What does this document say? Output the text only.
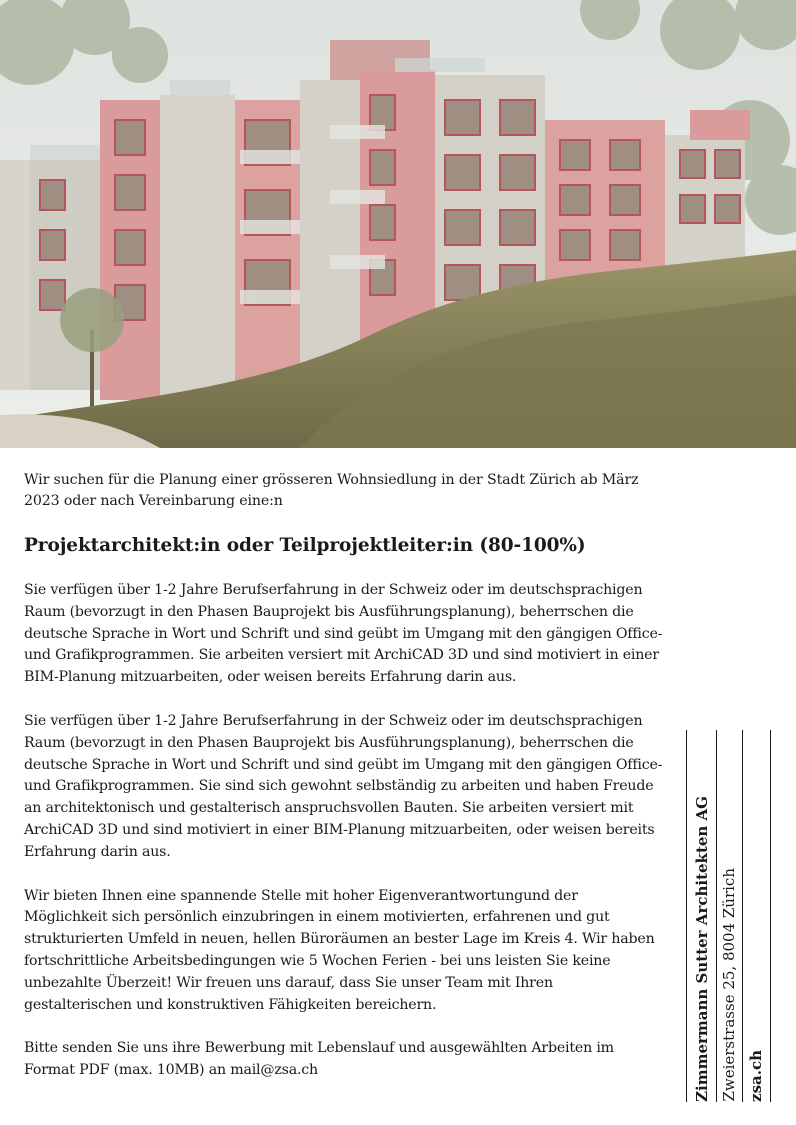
Wir suchen für die Planung einer grösseren Wohnsiedlung in der Stadt Zürich ab März 2023 oder nach Vereinbarung eine:n

Projektarchitekt:in oder Teilprojektleiter:in (80-100%)

Sie verfügen über 1-2 Jahre Berufserfahrung in der Schweiz oder im deutschsprachigen Raum (bevorzugt in den Phasen Bauprojekt bis Ausführungsplanung), beherrschen die deutsche Sprache in Wort und Schrift und sind geübt im Umgang mit den gängigen Office- und Grafikprogrammen. Sie arbeiten versiert mit ArchiCAD 3D und sind motiviert in einer BIM-Planung mitzuarbeiten, oder weisen bereits Erfahrung darin aus.

Sie verfügen über 1-2 Jahre Berufserfahrung in der Schweiz oder im deutschsprachigen Raum (bevorzugt in den Phasen Bauprojekt bis Ausführungsplanung), beherrschen die deutsche Sprache in Wort und Schrift und sind geübt im Umgang mit den gängigen Office- und Grafikprogrammen. Sie sind sich gewohnt selbständig zu arbeiten und haben Freude an architektonisch und gestalterisch anspruchsvollen Bauten. Sie arbeiten versiert mit ArchiCAD 3D und sind motiviert in einer BIM-Planung mitzuarbeiten, oder weisen bereits Erfahrung darin aus.

Wir bieten Ihnen eine spannende Stelle mit hoher Eigenverantwortungund der Möglichkeit sich persönlich einzubringen in einem motivierten, erfahrenen und gut strukturierten Umfeld in neuen, hellen Büroräumen an bester Lage im Kreis 4. Wir haben fortschrittliche Arbeitsbedingungen wie 5 Wochen Ferien - bei uns leisten Sie keine unbezahlte Überzeit! Wir freuen uns darauf, dass Sie unser Team mit Ihren gestalterischen und konstruktiven Fähigkeiten bereichern.

Bitte senden Sie uns ihre Bewerbung mit Lebenslauf und ausgewählten Arbeiten im Format PDF (max. 10MB) an mail@zsa.ch	Zimmermann Sutter Architekten AG Zweierstrasse 25, 8004 Zürich zsa.ch
